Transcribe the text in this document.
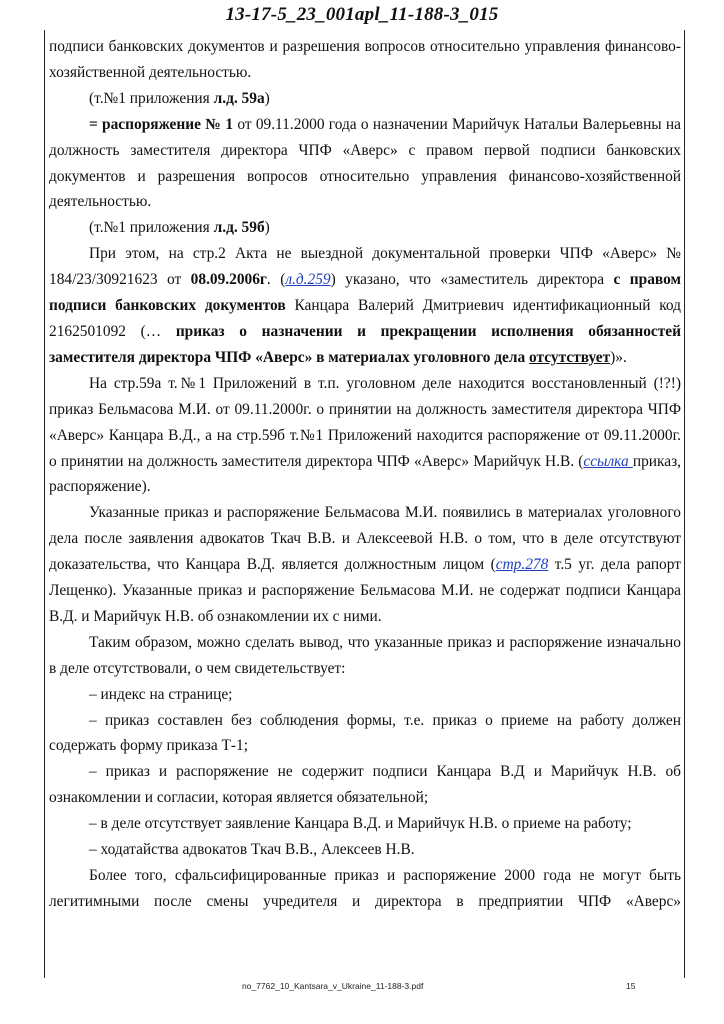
13-17-5_23_001apl_11-188-3_015

подписи банковских документов и разрешения вопросов относительно управления финансово-хозяйственной деятельностью.

(т.№1 приложения л.д. 59а)

= распоряжение № 1 от 09.11.2000 года о назначении Марийчук Натальи Валерьевны на должность заместителя директора ЧПФ «Аверс» с правом первой подписи банковских документов и разрешения вопросов относительно управления финансово-хозяйственной деятельностью.

(т.№1 приложения л.д. 59б)

При этом, на стр.2 Акта не выездной документальной проверки ЧПФ «Аверс» № 184/23/30921623 от 08.09.2006г. (л.д.259) указано, что «заместитель директора с правом подписи банковских документов Канцара Валерий Дмитриевич идентификационный код 2162501092 (… приказ о назначении и прекращении исполнения обязанностей заместителя директора ЧПФ «Аверс» в материалах уголовного дела отсутствует)».

На стр.59а т.№1 Приложений в т.п. уголовном деле находится восстановленный (!?!) приказ Бельмасова М.И. от 09.11.2000г. о принятии на должность заместителя директора ЧПФ «Аверс» Канцара В.Д., а на стр.59б т.№1 Приложений находится распоряжение от 09.11.2000г. о принятии на должность заместителя директора ЧПФ «Аверс» Марийчук Н.В. (ссылка приказ, распоряжение).

Указанные приказ и распоряжение Бельмасова М.И. появились в материалах уголовного дела после заявления адвокатов Ткач В.В. и Алексеевой Н.В. о том, что в деле отсутствуют доказательства, что Канцара В.Д. является должностным лицом (стр.278 т.5 уг. дела рапорт Лещенко). Указанные приказ и распоряжение Бельмасова М.И. не содержат подписи Канцара В.Д. и Марийчук Н.В. об ознакомлении их с ними.

Таким образом, можно сделать вывод, что указанные приказ и распоряжение изначально в деле отсутствовали, о чем свидетельствует:

– индекс на странице;

– приказ составлен без соблюдения формы, т.е. приказ о приеме на работу должен содержать форму приказа Т-1;

– приказ и распоряжение не содержит подписи Канцара В.Д и Марийчук Н.В. об ознакомлении и согласии, которая является обязательной;

– в деле отсутствует заявление Канцара В.Д. и Марийчук Н.В. о приеме на работу;

– ходатайства адвокатов Ткач В.В., Алексеев Н.В.

Более того, сфальсифицированные приказ и распоряжение 2000 года не могут быть легитимными после смены учредителя и директора в предприятии ЧПФ «Аверс»

no_7762_10_Kantsara_v_Ukraine_11-188-3.pdf	15
